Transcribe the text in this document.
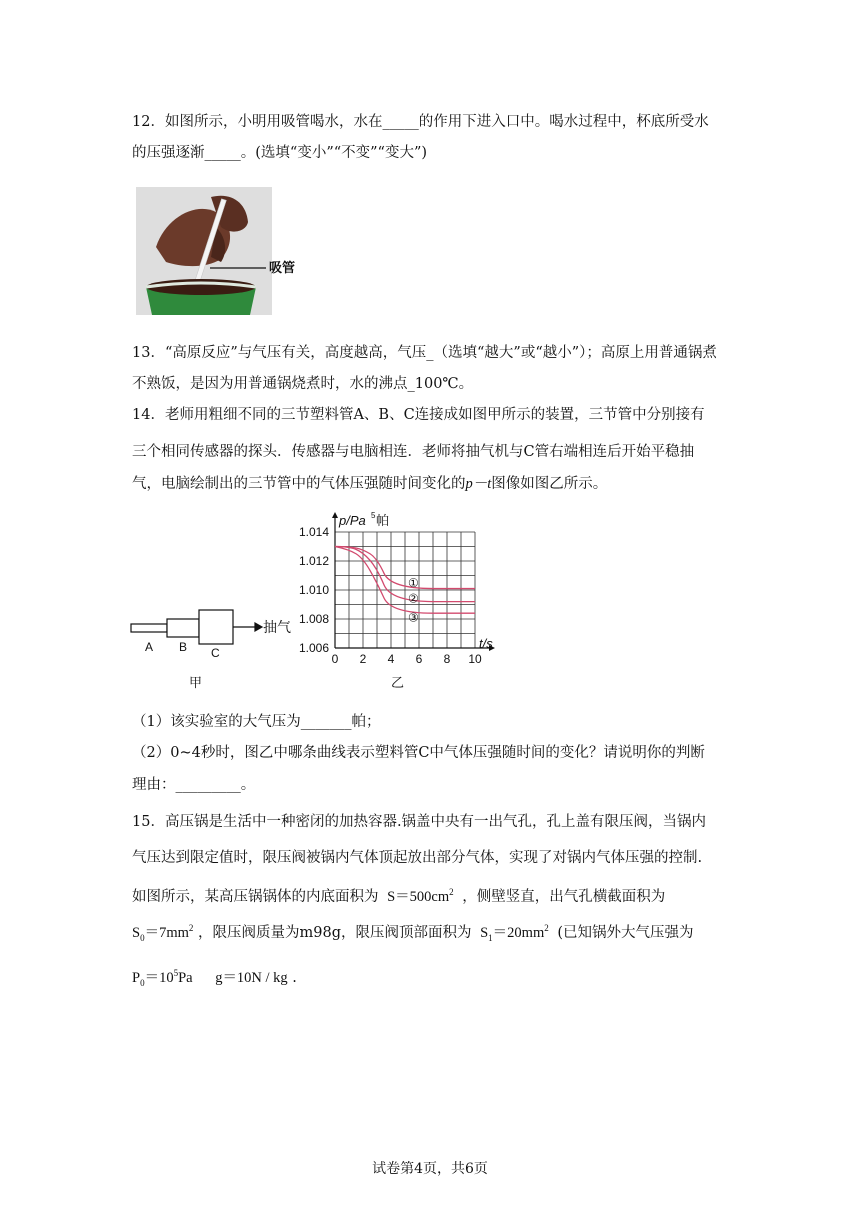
12．如图所示，小明用吸管喝水，水在_____的作用下进入口中。喝水过程中，杯底所受水
的压强逐渐_____。(选填“变小”“不变”“变大”)
吸管
13．“高原反应”与气压有关，高度越高，气压_（选填“越大”或“越小”）；高原上用普通锅煮
不熟饭，是因为用普通锅烧煮时，水的沸点_100℃。
14．老师用粗细不同的三节塑料管A、B、C连接成如图甲所示的装置，三节管中分别接有
三个相同传感器的探头．传感器与电脑相连．老师将抽气机与C管右端相连后开始平稳抽
气，电脑绘制出的三节管中的气体压强随时间变化的p－t图像如图乙所示。
抽气
A B C
甲
0 2 4 6 8 10
1.006
1.008
1.010
1.012
1.014
①
②
③
p/Pa 5 帕
t/s
乙
（1）该实验室的大气压为_______帕；
（2）0~4秒时，图乙中哪条曲线表示塑料管C中气体压强随时间的变化？请说明你的判断
理由：_________。
15．高压锅是生活中一种密闭的加热容器.锅盖中央有一出气孔，孔上盖有限压阀，当锅内
气压达到限定值时，限压阀被锅内气体顶起放出部分气体，实现了对锅内气体压强的控制.
如图所示，某高压锅锅体的内底面积为 $S=500cm^2$ ，侧壁竖直，出气孔横截面积为
$S_0=7mm^2$ ，限压阀质量为m98g，限压阀顶部面积为 $S_1=20mm^2$ (已知锅外大气压强为
$P_0=10^5Pa$ g＝10N / kg .
试卷第4页，共6页
